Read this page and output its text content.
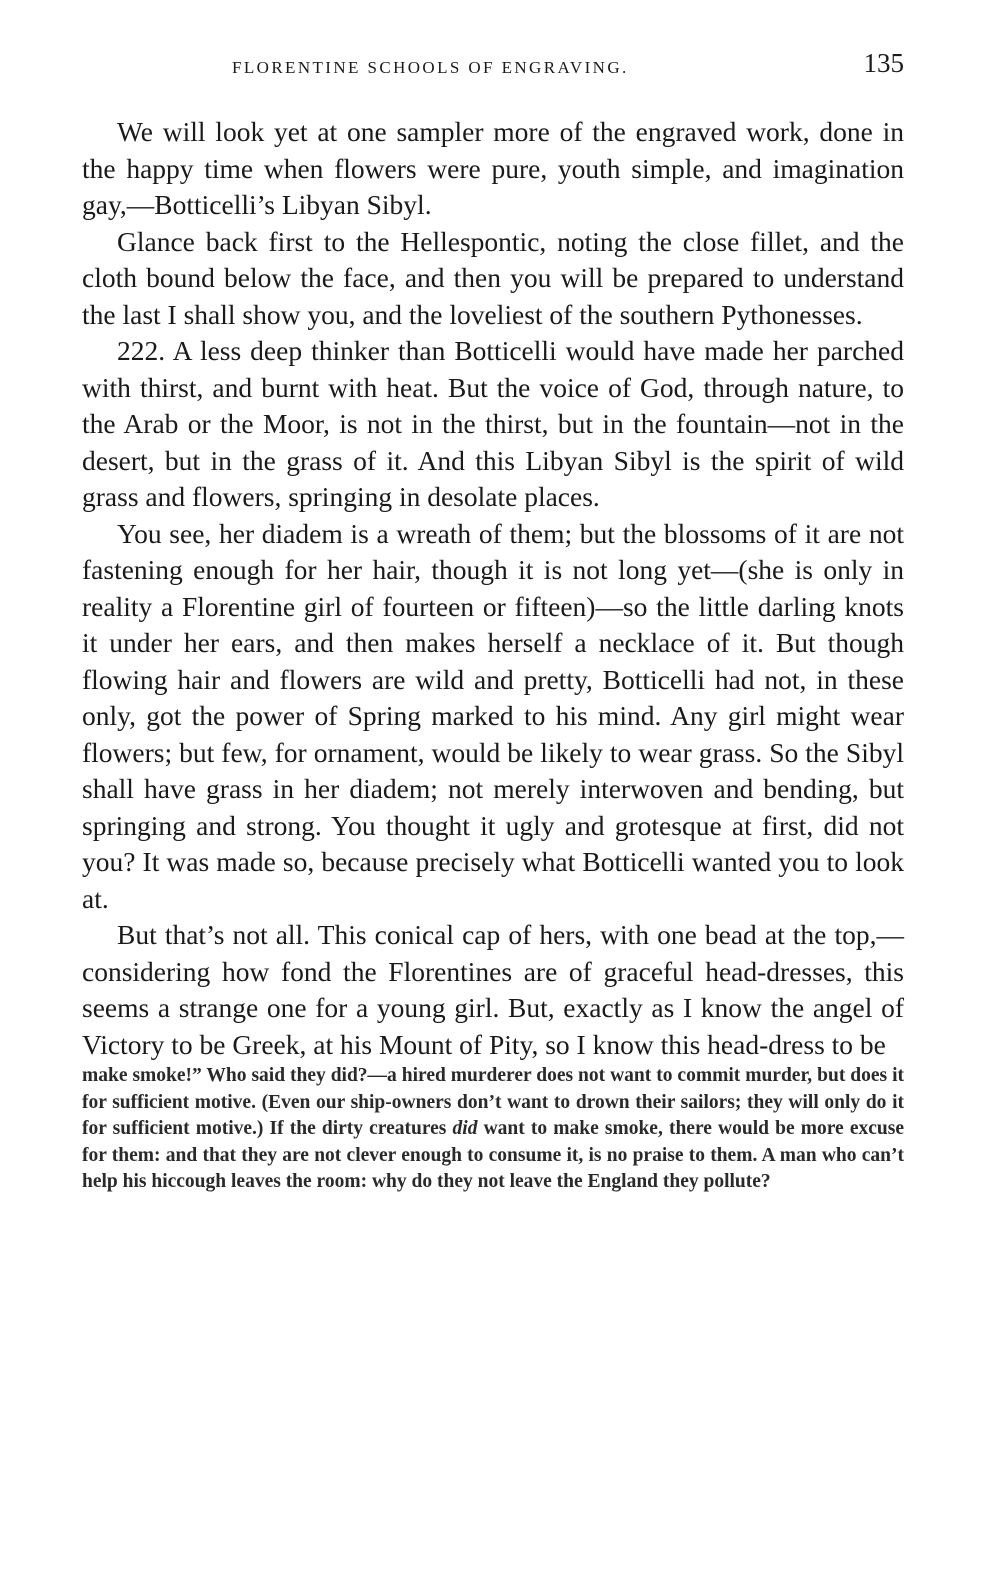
FLORENTINE SCHOOLS OF ENGRAVING.	135

We will look yet at one sampler more of the engraved work, done in the happy time when flowers were pure, youth simple, and imagination gay,—Botticelli’s Libyan Sibyl.

Glance back first to the Hellespontic, noting the close fillet, and the cloth bound below the face, and then you will be prepared to understand the last I shall show you, and the loveliest of the southern Pythonesses.

222. A less deep thinker than Botticelli would have made her parched with thirst, and burnt with heat. But the voice of God, through nature, to the Arab or the Moor, is not in the thirst, but in the fountain—not in the desert, but in the grass of it. And this Libyan Sibyl is the spirit of wild grass and flowers, springing in desolate places.

You see, her diadem is a wreath of them; but the blossoms of it are not fastening enough for her hair, though it is not long yet—(she is only in reality a Florentine girl of fourteen or fifteen)—so the little darling knots it under her ears, and then makes herself a necklace of it. But though flowing hair and flowers are wild and pretty, Botticelli had not, in these only, got the power of Spring marked to his mind. Any girl might wear flowers; but few, for ornament, would be likely to wear grass. So the Sibyl shall have grass in her diadem; not merely interwoven and bending, but springing and strong. You thought it ugly and grotesque at first, did not you? It was made so, because precisely what Botticelli wanted you to look at.

But that’s not all. This conical cap of hers, with one bead at the top,—considering how fond the Florentines are of graceful head-dresses, this seems a strange one for a young girl. But, exactly as I know the angel of Victory to be Greek, at his Mount of Pity, so I know this head-dress to be

make smoke!” Who said they did?—a hired murderer does not want to commit murder, but does it for sufficient motive. (Even our ship-owners don’t want to drown their sailors; they will only do it for sufficient motive.) If the dirty creatures did want to make smoke, there would be more excuse for them: and that they are not clever enough to consume it, is no praise to them. A man who can’t help his hiccough leaves the room: why do they not leave the England they pollute?
